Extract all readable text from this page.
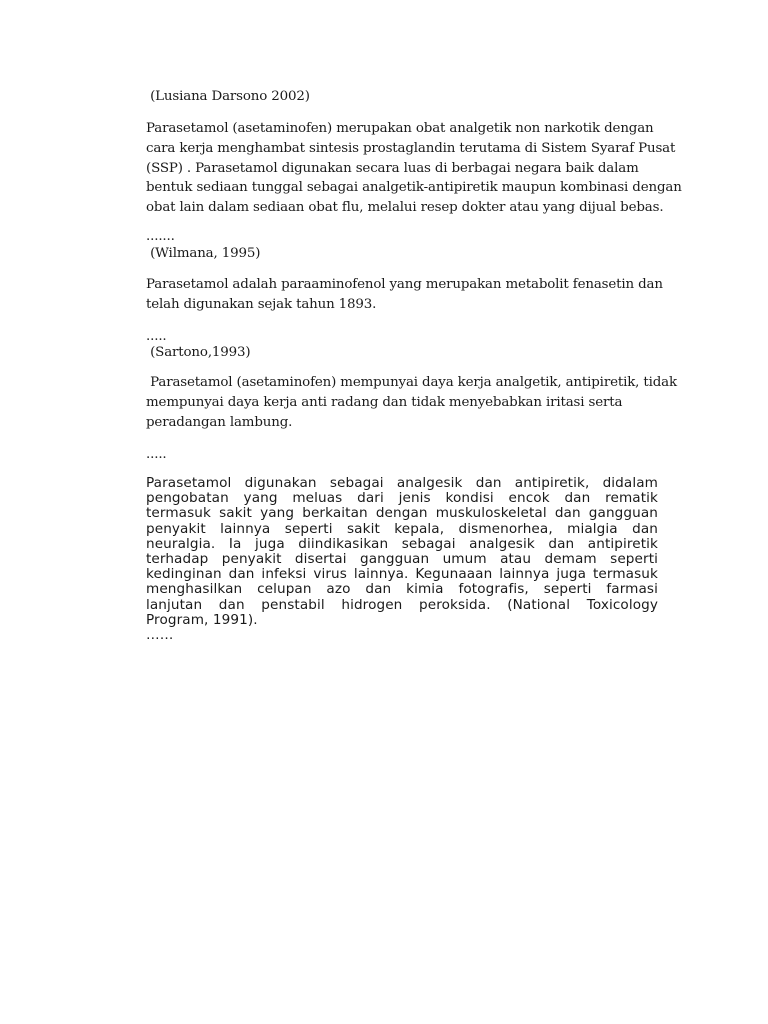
(Lusiana Darsono 2002)
Parasetamol (asetaminofen) merupakan obat analgetik non narkotik dengan
cara kerja menghambat sintesis prostaglandin terutama di Sistem Syaraf Pusat
(SSP) . Parasetamol digunakan secara luas di berbagai negara baik dalam
bentuk sediaan tunggal sebagai analgetik-antipiretik maupun kombinasi dengan
obat lain dalam sediaan obat flu, melalui resep dokter atau yang dijual bebas.
.......
(Wilmana, 1995)
Parasetamol adalah paraaminofenol yang merupakan metabolit fenasetin dan
telah digunakan sejak tahun 1893.
.....
(Sartono,1993)
Parasetamol (asetaminofen) mempunyai daya kerja analgetik, antipiretik, tidak
mempunyai daya kerja anti radang dan tidak menyebabkan iritasi serta
peradangan lambung.
.....
Parasetamol digunakan sebagai analgesik dan antipiretik, didalam
pengobatan yang meluas dari jenis kondisi encok dan rematik
termasuk sakit yang berkaitan dengan muskuloskeletal dan gangguan
penyakit lainnya seperti sakit kepala, dismenorhea, mialgia dan
neuralgia. Ia juga diindikasikan sebagai analgesik dan antipiretik
terhadap penyakit disertai gangguan umum atau demam seperti
kedinginan dan infeksi virus lainnya. Kegunaaan lainnya juga termasuk
menghasilkan celupan azo dan kimia fotografis, seperti farmasi
lanjutan dan penstabil hidrogen peroksida. (National Toxicology
Program, 1991).
……
